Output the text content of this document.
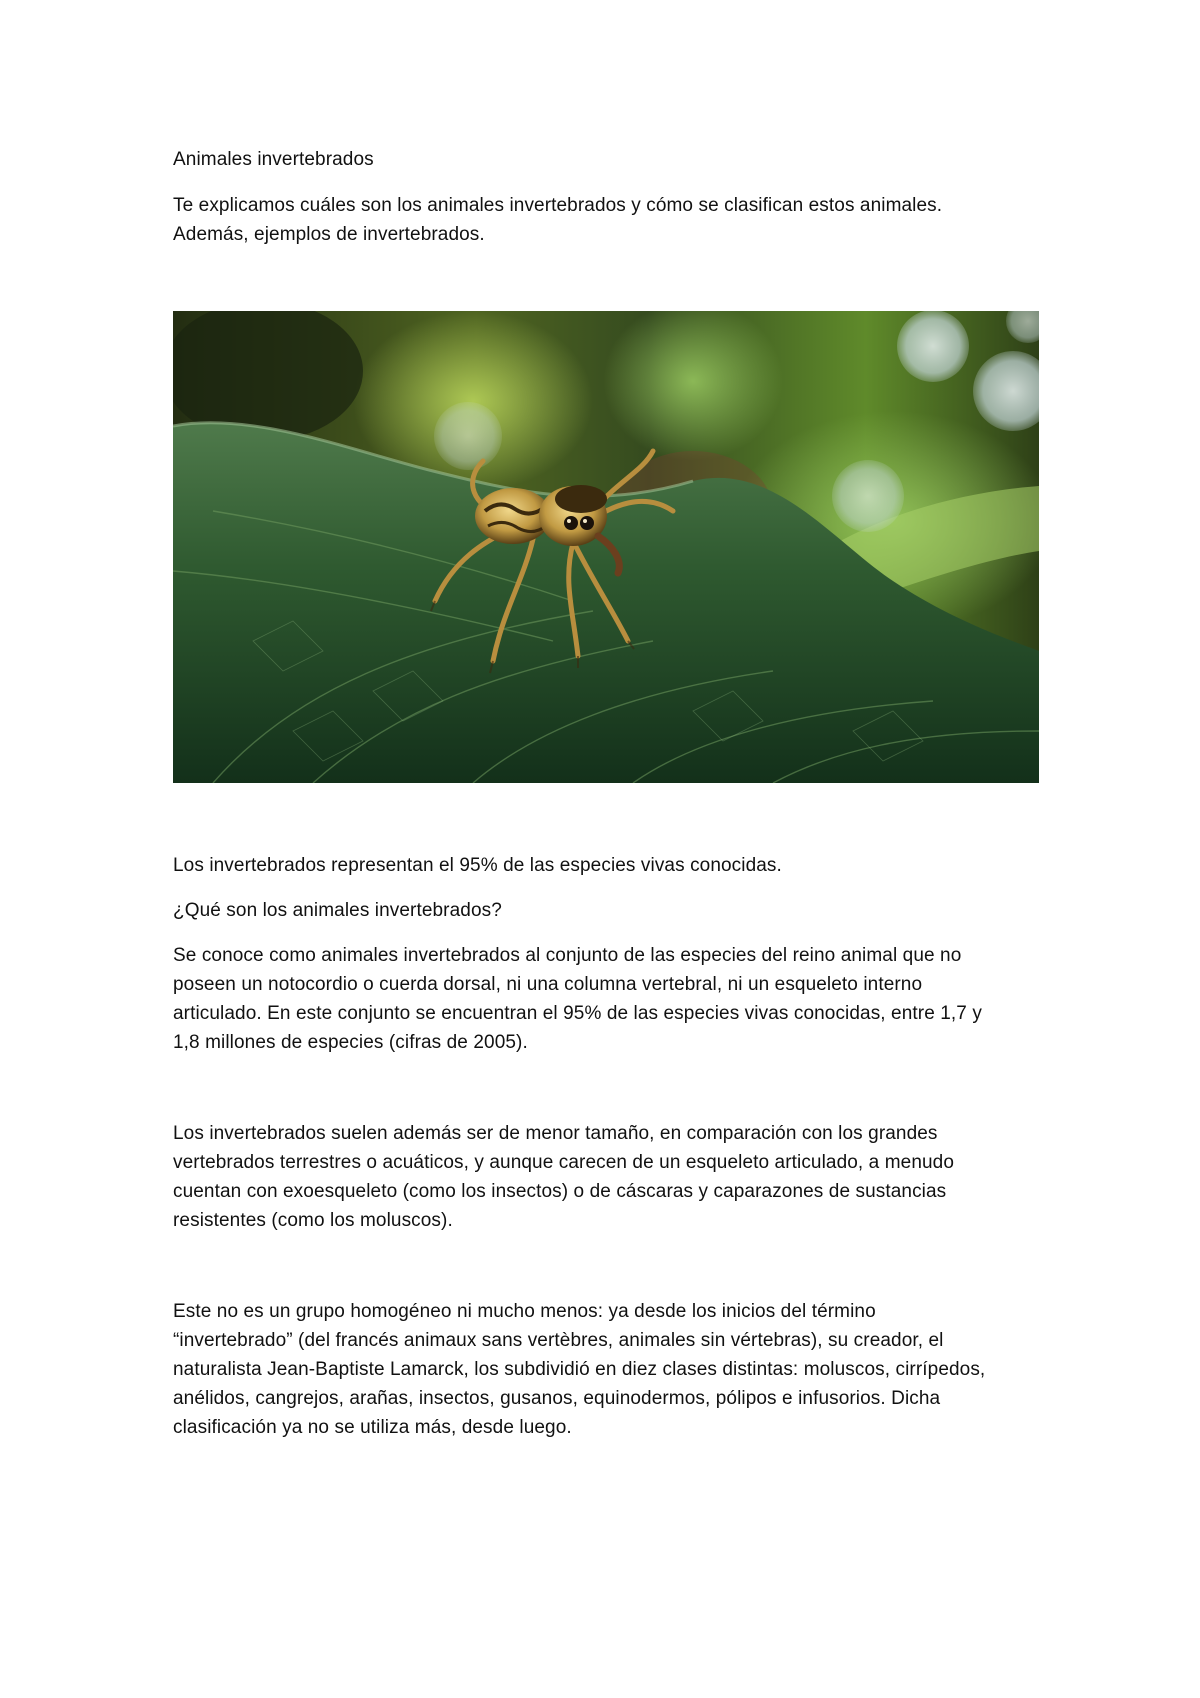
Animales invertebrados
Te explicamos cuáles son los animales invertebrados y cómo se clasifican estos animales.
Además, ejemplos de invertebrados.
Los invertebrados representan el 95% de las especies vivas conocidas.
¿Qué son los animales invertebrados?
Se conoce como animales invertebrados al conjunto de las especies del reino animal que no
poseen un notocordio o cuerda dorsal, ni una columna vertebral, ni un esqueleto interno
articulado. En este conjunto se encuentran el 95% de las especies vivas conocidas, entre 1,7 y
1,8 millones de especies (cifras de 2005).
Los invertebrados suelen además ser de menor tamaño, en comparación con los grandes
vertebrados terrestres o acuáticos, y aunque carecen de un esqueleto articulado, a menudo
cuentan con exoesqueleto (como los insectos) o de cáscaras y caparazones de sustancias
resistentes (como los moluscos).
Este no es un grupo homogéneo ni mucho menos: ya desde los inicios del término
“invertebrado” (del francés animaux sans vertèbres, animales sin vértebras), su creador, el
naturalista Jean-Baptiste Lamarck, los subdividió en diez clases distintas: moluscos, cirrípedos,
anélidos, cangrejos, arañas, insectos, gusanos, equinodermos, pólipos e infusorios. Dicha
clasificación ya no se utiliza más, desde luego.
